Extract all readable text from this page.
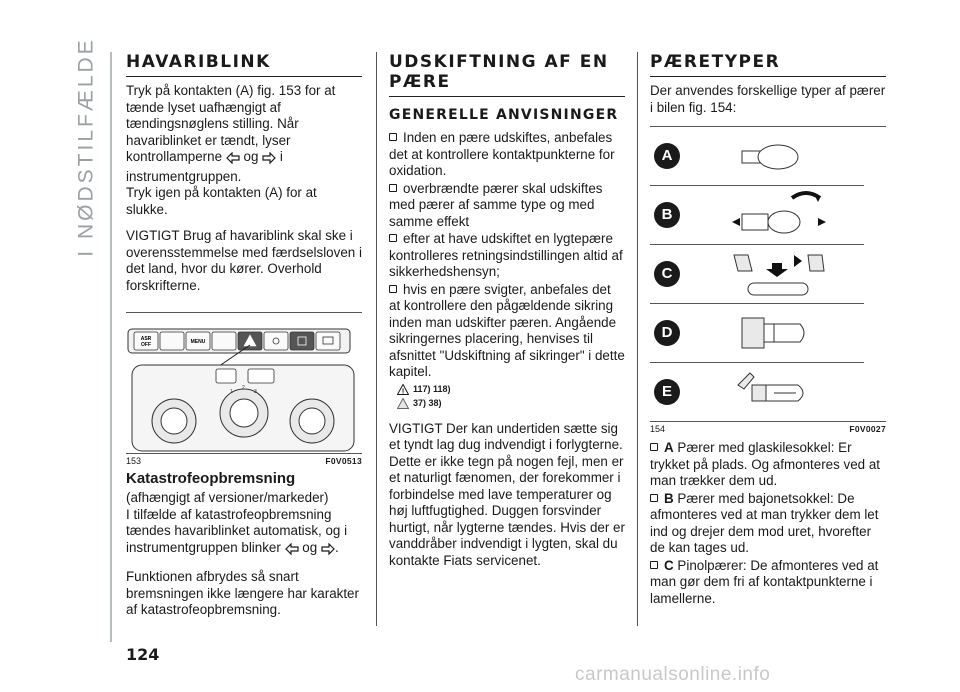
I NØDSTILFÆLDE HAVARIBLINK

Tryk på kontakten (A) fig. 153 for at tænde lyset uafhængigt af tændingsnøglens stilling. Når havariblinket er tændt, lyser kontrollamperne og i
instrumentgruppen.
Tryk igen på kontakten (A) for at slukke.

VIGTIGT Brug af havariblink skal ske i overensstemmelse med færdselsloven i det land, hvor du kører. Overhold forskrifterne.

ASR
OFF	MENU
1
2
3
153	F0V0513
Katastrofeopbremsning

(afhængigt af versioner/markeder)

I tilfælde af katastrofeopbremsning tændes havariblinket automatisk, og i instrumentgruppen blinker og .

Funktionen afbrydes så snart bremsningen ikke længere har karakter af katastrofeopbremsning.

UDSKIFTNING AF EN PÆRE
GENERELLE ANVISNINGER
Inden en pære udskiftes, anbefales det at kontrollere kontaktpunkterne for oxidation.
overbrændte pærer skal udskiftes med pærer af samme type og med samme effekt
efter at have udskiftet en lygtepære kontrolleres retningsindstillingen altid af sikkerhedshensyn;
hvis en pære svigter, anbefales det at kontrollere den pågældende sikring inden man udskifter pæren. Angående sikringernes placering, henvises til afsnittet "Udskiftning af sikringer" i dette kapitel.
! 117) 118)
37) 38)

VIGTIGT Der kan undertiden sætte sig et tyndt lag dug indvendigt i forlygterne. Dette er ikke tegn på nogen fejl, men er et naturligt fænomen, der forekommer i forbindelse med lave temperaturer og høj luftfugtighed. Duggen forsvinder hurtigt, når lygterne tændes. Hvis der er vanddråber indvendigt i lygten, skal du kontakte Fiats servicenet.

PÆRETYPER

Der anvendes forskellige typer af pærer i bilen fig. 154:

A
B
C
D
E
154	F0V0027
A Pærer med glaskilesokkel: Er trykket på plads. Og afmonteres ved at man trækker dem ud.
B Pærer med bajonetsokkel: De afmonteres ved at man trykker dem let ind og drejer dem mod uret, hvorefter de kan tages ud.
C Pinolpærer: De afmonteres ved at man gør dem fri af kontaktpunkterne i lamellerne.
124
carmanualsonline.info
